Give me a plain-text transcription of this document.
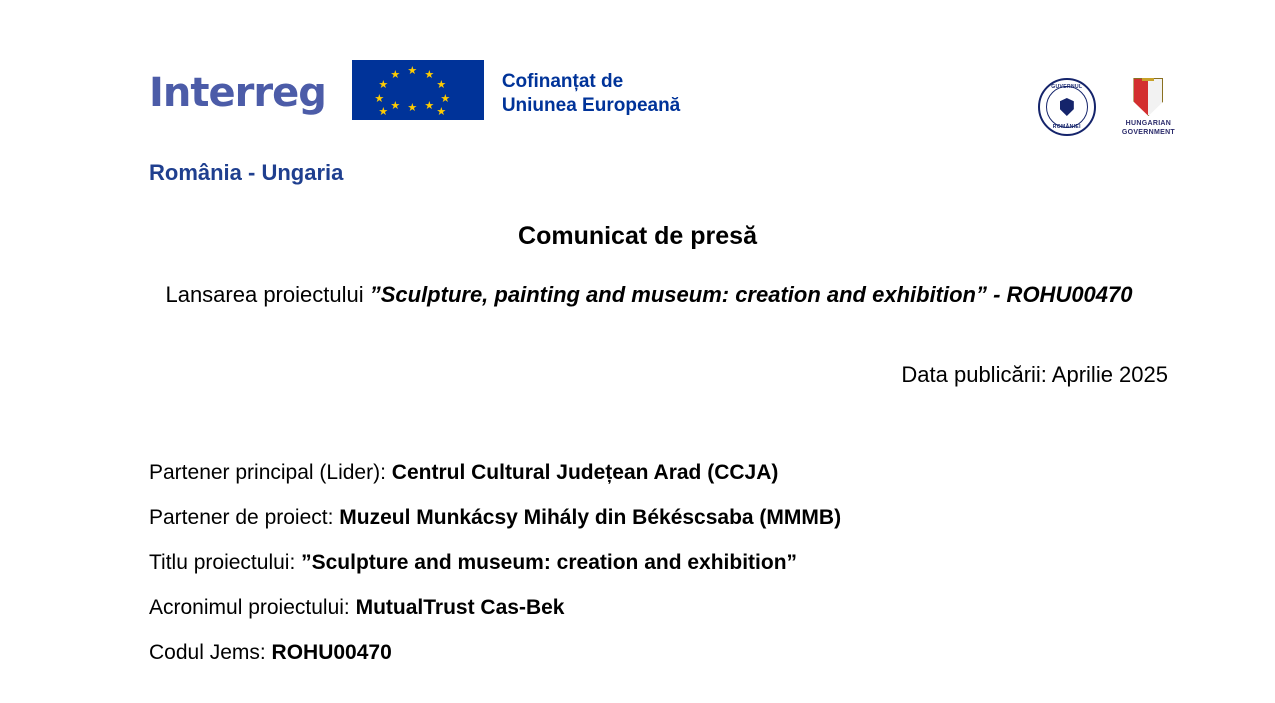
Interreg	★ ★
★
★
★
★
★
★
★
★
★
★	Cofinanțat de
Uniunea Europeană
GUVERNUL
ROMÂNIEI	HUNGARIAN
GOVERNMENT
România - Ungaria
Comunicat de presă
Lansarea proiectului ”Sculpture, painting and museum: creation and exhibition” - ROHU00470
Data publicării: Aprilie 2025
Partener principal (Lider): Centrul Cultural Județean Arad (CCJA)
Partener de proiect: Muzeul Munkácsy Mihály din Békéscsaba (MMMB)
Titlu proiectului: ”Sculpture and museum: creation and exhibition”
Acronimul proiectului: MutualTrust Cas-Bek
Codul Jems: ROHU00470
